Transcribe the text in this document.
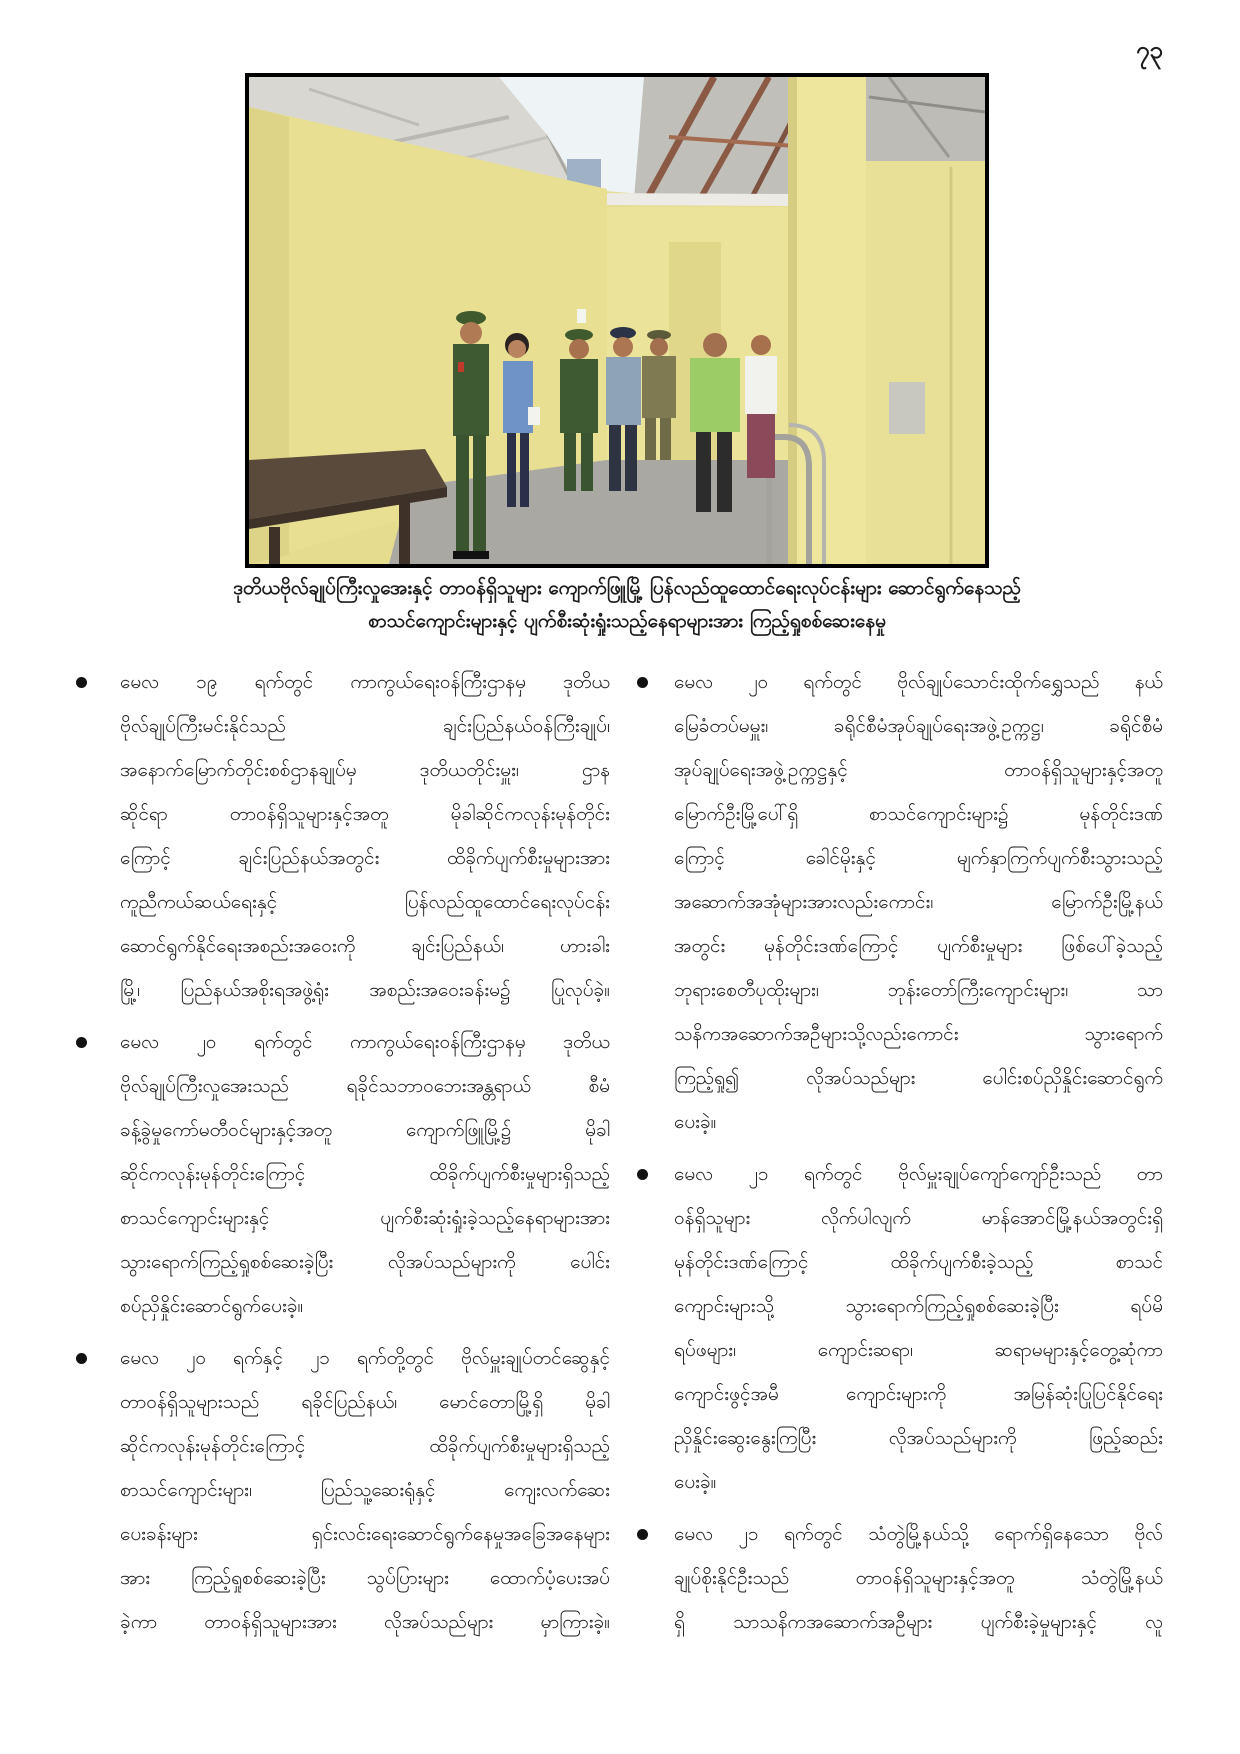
၇၃
ဒုတိယဗိုလ်ချုပ်ကြီးလှုအေးနှင့် တာဝန်ရှိသူများ ကျောက်ဖြူမြို့ ပြန်လည်ထူထောင်ရေးလုပ်ငန်းများ ဆောင်ရွက်နေသည့်
စာသင်ကျောင်းများနှင့် ပျက်စီးဆုံးရှုံးသည့်နေရာများအား ကြည့်ရှုစစ်ဆေးနေမှု
မေလ ၁၉ ရက်တွင် ကာကွယ်ရေးဝန်ကြီးဌာနမှ ဒုတိယ
ဗိုလ်ချုပ်ကြီးမင်းနိုင်သည် ချင်းပြည်နယ်ဝန်ကြီးချုပ်၊
အနောက်မြောက်တိုင်းစစ်ဌာနချုပ်မှ ဒုတိယတိုင်းမှူး၊ ဌာန
ဆိုင်ရာ တာဝန်ရှိသူများနှင့်အတူ မိုခါဆိုင်ကလုန်းမုန်တိုင်း
ကြောင့် ချင်းပြည်နယ်အတွင်း ထိခိုက်ပျက်စီးမှုများအား
ကူညီကယ်ဆယ်ရေးနှင့် ပြန်လည်ထူထောင်ရေးလုပ်ငန်း
ဆောင်ရွက်နိုင်ရေးအစည်းအဝေးကို ချင်းပြည်နယ်၊ ဟားခါး
မြို့၊ ပြည်နယ်အစိုးရအဖွဲ့ရုံး အစည်းအဝေးခန်းမ၌ ပြုလုပ်ခဲ့။
မေလ ၂၀ ရက်တွင် ကာကွယ်ရေးဝန်ကြီးဌာနမှ ဒုတိယ
ဗိုလ်ချုပ်ကြီးလှုအေးသည် ရခိုင်သဘာဝဘေးအန္တရာယ် စီမံ
ခန့်ခွဲမှုကော်မတီဝင်များနှင့်အတူ ကျောက်ဖြူမြို့၌ မိုခါ
ဆိုင်ကလုန်းမုန်တိုင်းကြောင့် ထိခိုက်ပျက်စီးမှုများရှိသည့်
စာသင်ကျောင်းများနှင့် ပျက်စီးဆုံးရှုံးခဲ့သည့်နေရာများအား
သွားရောက်ကြည့်ရှုစစ်ဆေးခဲ့ပြီး လိုအပ်သည်များကို ပေါင်း
စပ်ညှိနှိုင်းဆောင်ရွက်ပေးခဲ့။
မေလ ၂၀ ရက်နှင့် ၂၁ ရက်တို့တွင် ဗိုလ်မှူးချုပ်တင်ဆွေနှင့်
တာဝန်ရှိသူများသည် ရခိုင်ပြည်နယ်၊ မောင်တောမြို့ရှိ မိုခါ
ဆိုင်ကလုန်းမုန်တိုင်းကြောင့် ထိခိုက်ပျက်စီးမှုများရှိသည့်
စာသင်ကျောင်းများ၊ ပြည်သူ့ဆေးရုံနှင့် ကျေးလက်ဆေး
ပေးခန်းများ ရှင်းလင်းရေးဆောင်ရွက်နေမှုအခြေအနေများ
အား ကြည့်ရှုစစ်ဆေးခဲ့ပြီး သွပ်ပြားများ ထောက်ပံ့ပေးအပ်
ခဲ့ကာ တာဝန်ရှိသူများအား လိုအပ်သည်များ မှာကြားခဲ့။
မေလ ၂၀ ရက်တွင် ဗိုလ်ချုပ်သောင်းထိုက်ရွှေသည် နယ်
မြေခံတပ်မမှူး၊ ခရိုင်စီမံအုပ်ချုပ်ရေးအဖွဲ့ဥက္ကဋ္ဌ၊ ခရိုင်စီမံ
အုပ်ချုပ်ရေးအဖွဲ့ဥက္ကဋ္ဌနှင့် တာဝန်ရှိသူများနှင့်အတူ
မြောက်ဦးမြို့ပေါ်ရှိ စာသင်ကျောင်းများ၌ မုန်တိုင်းဒဏ်
ကြောင့် ခေါင်မိုးနှင့် မျက်နှာကြက်ပျက်စီးသွားသည့်
အဆောက်အအုံများအားလည်းကောင်း၊ မြောက်ဦးမြို့နယ်
အတွင်း မုန်တိုင်းဒဏ်ကြောင့် ပျက်စီးမှုများ ဖြစ်ပေါ်ခဲ့သည့်
ဘုရားစေတီပုထိုးများ၊ ဘုန်းတော်ကြီးကျောင်းများ၊ သာ
သနိကအဆောက်အဦများသို့လည်းကောင်း သွားရောက်
ကြည့်ရှု၍ လိုအပ်သည်များ ပေါင်းစပ်ညှိနှိုင်းဆောင်ရွက်
ပေးခဲ့။
မေလ ၂၁ ရက်တွင် ဗိုလ်မှူးချုပ်ကျော်ကျော်ဦးသည် တာ
ဝန်ရှိသူများ လိုက်ပါလျက် မာန်အောင်မြို့နယ်အတွင်းရှိ
မုန်တိုင်းဒဏ်ကြောင့် ထိခိုက်ပျက်စီးခဲ့သည့် စာသင်
ကျောင်းများသို့ သွားရောက်ကြည့်ရှုစစ်ဆေးခဲ့ပြီး ရပ်မိ
ရပ်ဖများ၊ ကျောင်းဆရာ၊ ဆရာမများနှင့်တွေ့ဆုံကာ
ကျောင်းဖွင့်အမီ ကျောင်းများကို အမြန်ဆုံးပြုပြင်နိုင်ရေး
ညှိနှိုင်းဆွေးနွေးကြပြီး လိုအပ်သည်များကို ဖြည့်ဆည်း
ပေးခဲ့။
မေလ ၂၁ ရက်တွင် သံတွဲမြို့နယ်သို့ ရောက်ရှိနေသော ဗိုလ်
ချုပ်စိုးနိုင်ဦးသည် တာဝန်ရှိသူများနှင့်အတူ သံတွဲမြို့နယ်
ရှိ သာသနိကအဆောက်အဦများ ပျက်စီးခဲ့မှုများနှင့် လူ
